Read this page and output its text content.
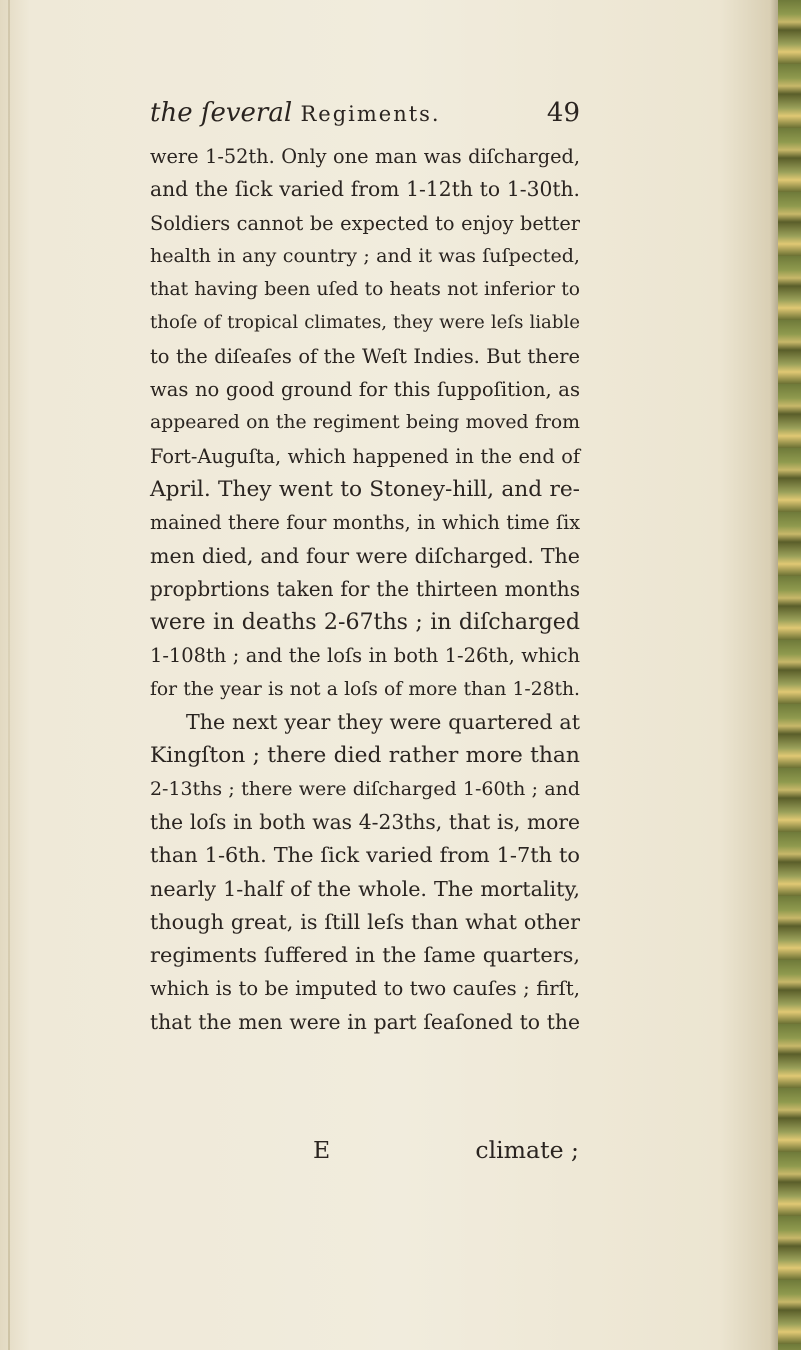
the ſeveral Regiments.	49
were 1-52th. Only one man was diſcharged,
and the ſick varied from 1-12th to 1-30th.
Soldiers cannot be expected to enjoy better
health in any country ; and it was ſuſpected,
that having been uſed to heats not inferior to
thoſe of tropical climates, they were leſs liable
to the diſeaſes of the Weſt Indies. But there
was no good ground for this ſuppoſition, as
appeared on the regiment being moved from
Fort-Auguſta, which happened in the end of
April. They went to Stoney-hill, and re-
mained there four months, in which time ſix
men died, and four were diſcharged. The
propbrtions taken for the thirteen months
were in deaths 2-67ths ; in diſcharged
1-108th ; and the loſs in both 1-26th, which
for the year is not a loſs of more than 1-28th.
The next year they were quartered at
Kingſton ; there died rather more than
2-13ths ; there were diſcharged 1-60th ; and
the loſs in both was 4-23ths, that is, more
than 1-6th. The ſick varied from 1-7th to
nearly 1-half of the whole. The mortality,
though great, is ſtill leſs than what other
regiments ſuffered in the ſame quarters,
which is to be imputed to two cauſes ; firſt,
that the men were in part ſeaſoned to the
E	climate ;
